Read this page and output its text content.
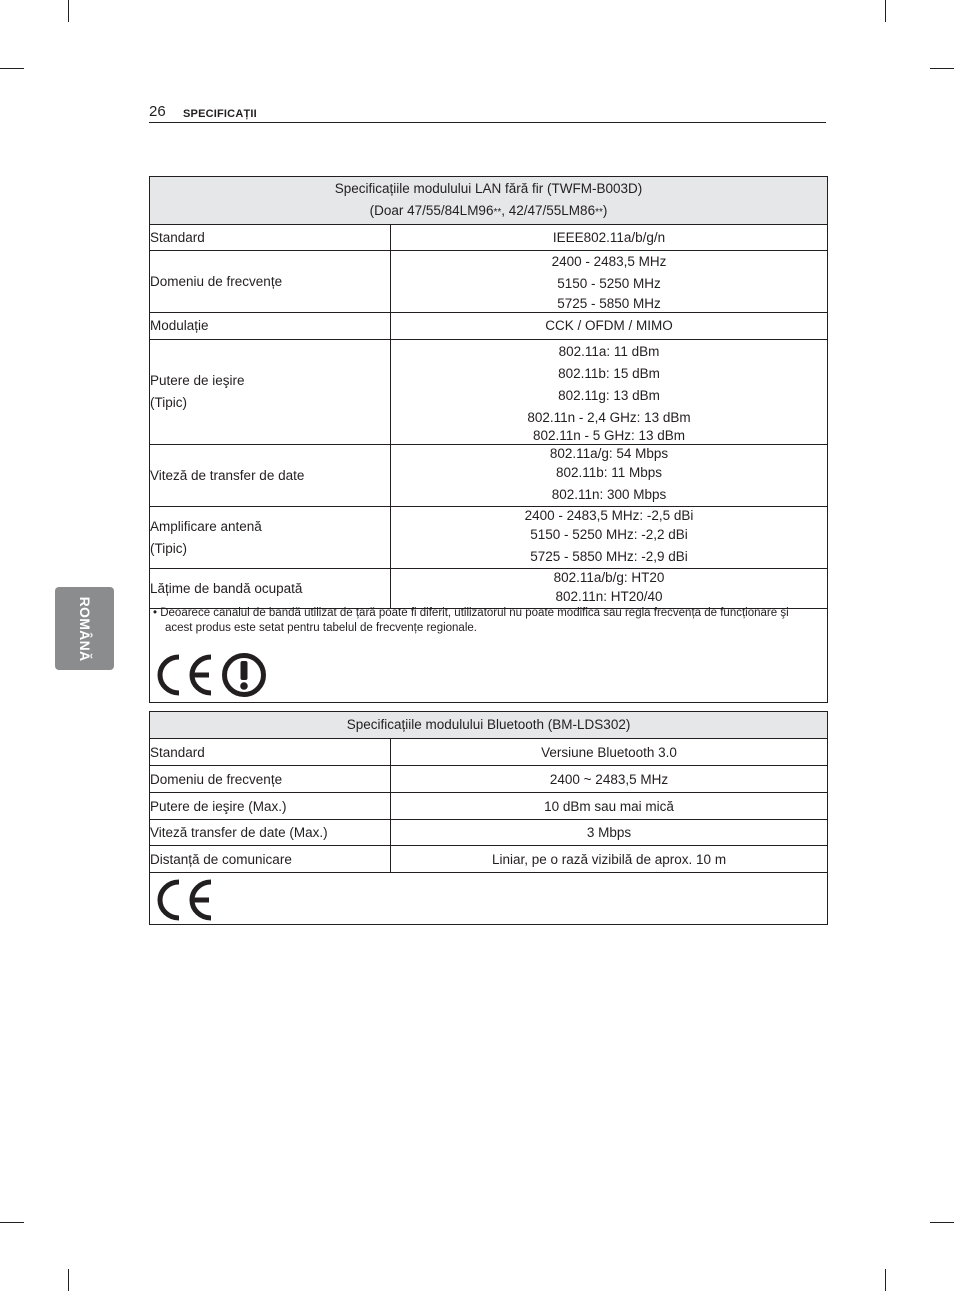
26 SPECIFICAȚII
ROMÂNĂ
Specificațiile modulului LAN fără fir (TWFM-B003D)
(Doar 47/55/84LM96**, 42/47/55LM86**)	

Standard	IEEE802.11a/b/g/n

Domeniu de frecvențe	2400 - 2483,5 MHz
5150 - 5250 MHz
5725 - 5850 MHz

Modulație	CCK / OFDM / MIMO

Putere de ieşire
(Tipic)	802.11a: 11 dBm
802.11b: 15 dBm
802.11g: 13 dBm
802.11n - 2,4 GHz: 13 dBm
802.11n - 5 GHz: 13 dBm

Viteză de transfer de date	802.11a/g: 54 Mbps
802.11b: 11 Mbps
802.11n: 300 Mbps

Amplificare antenă
(Tipic)	2400 - 2483,5 MHz: -2,5 dBi
5150 - 5250 MHz: -2,2 dBi
5725 - 5850 MHz: -2,9 dBi

Lățime de bandă ocupată	802.11a/b/g: HT20
802.11n: HT20/40

• Deoarece canalul de bandă utilizat de țară poate fi diferit, utilizatorul nu poate modifica sau regla frecvența de funcționare şi acest produs este setat pentru tabelul de frecvențe regionale.
Specificațiile modulului Bluetooth (BM-LDS302)	

Standard	Versiune Bluetooth 3.0
Domeniu de frecvențe	2400 ~ 2483,5 MHz
Putere de ieşire (Max.)	10 dBm sau mai mică
Viteză transfer de date (Max.)	3 Mbps
Distanță de comunicare	Liniar, pe o rază vizibilă de aprox. 10 m
